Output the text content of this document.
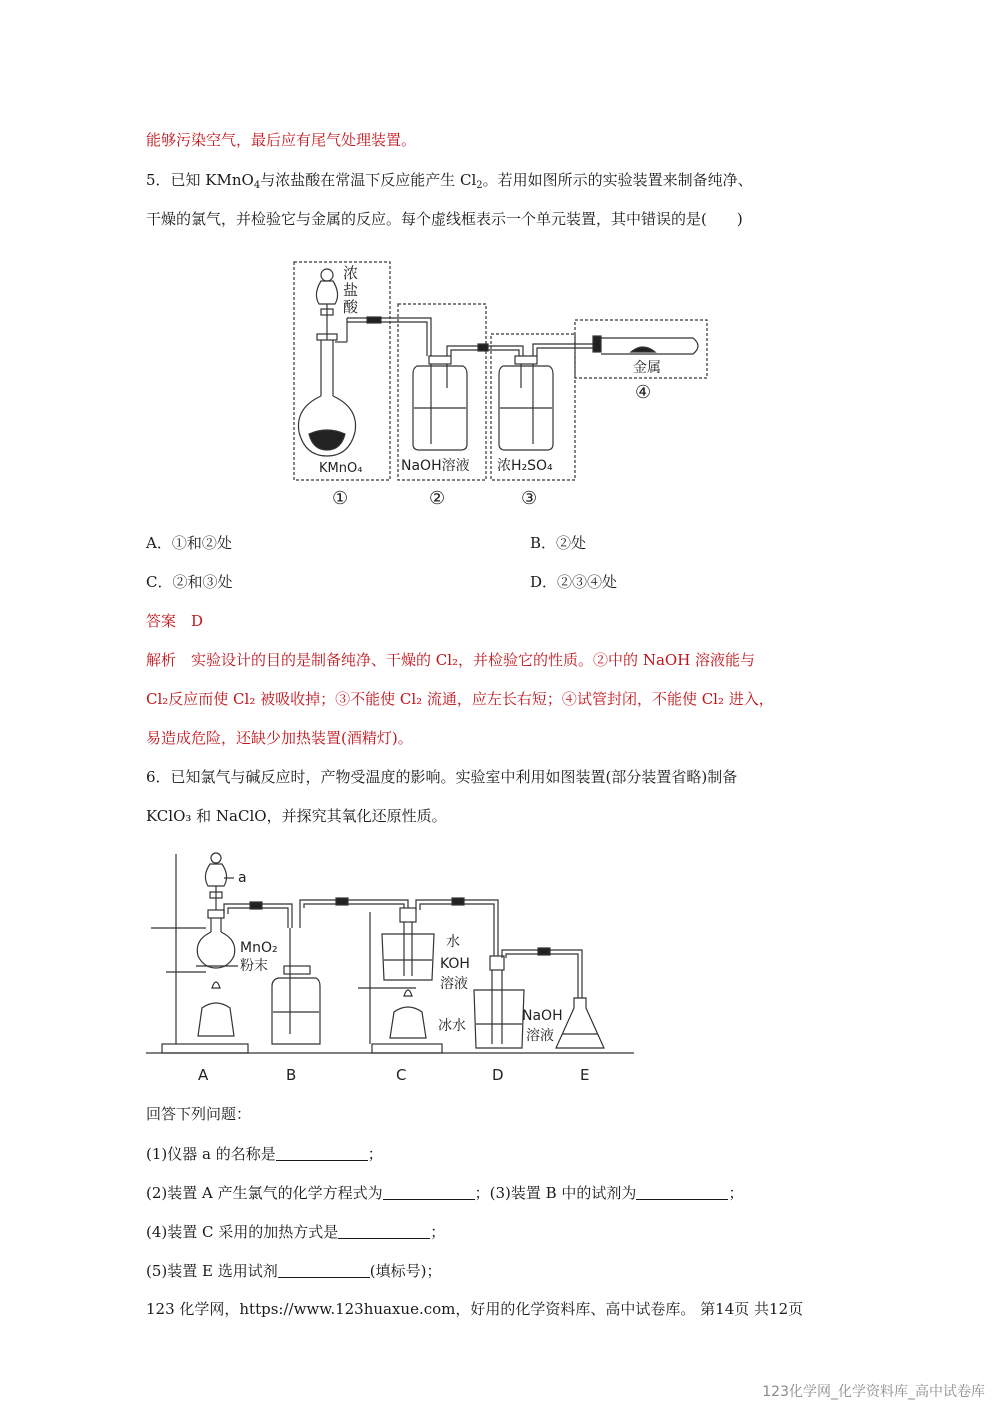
能够污染空气，最后应有尾气处理装置。
5．已知 KMnO$_4$与浓盐酸在常温下反应能产生 $Cl_2$。若用如图所示的实验装置来制备纯净、
干燥的氯气，并检验它与金属的反应。每个虚线框表示一个单元装置，其中错误的是(　　)
浓
盐
酸
KMnO₄	NaOH溶液 浓H₂SO₄
金属
①	②	③
④
A．①和②处	B．②处
C．②和③处	D．②③④处
答案　D
解析　实验设计的目的是制备纯净、干燥的 Cl₂，并检验它的性质。②中的 NaOH 溶液能与
Cl₂反应而使 Cl₂ 被吸收掉；③不能使 Cl₂ 流通，应左长右短；④试管封闭，不能使 Cl₂ 进入，
易造成危险，还缺少加热装置(酒精灯)。
6．已知氯气与碱反应时，产物受温度的影响。实验室中利用如图装置(部分装置省略)制备
KClO₃ 和 NaClO，并探究其氧化还原性质。
a
MnO₂
粉末
水
KOH
溶液
冰水
NaOH
溶液
A	B	C	D	E
回答下列问题：
(1)仪器 a 的名称是	；
(2)装置 A 产生氯气的化学方程式为	；(3)装置 B 中的试剂为	；
(4)装置 C 采用的加热方式是	；
(5)装置 E 选用试剂	(填标号)；
123 化学网，https://www.123huaxue.com，好用的化学资料库、高中试卷库。 第14页 共12页
123化学网_化学资料库_高中试卷库
